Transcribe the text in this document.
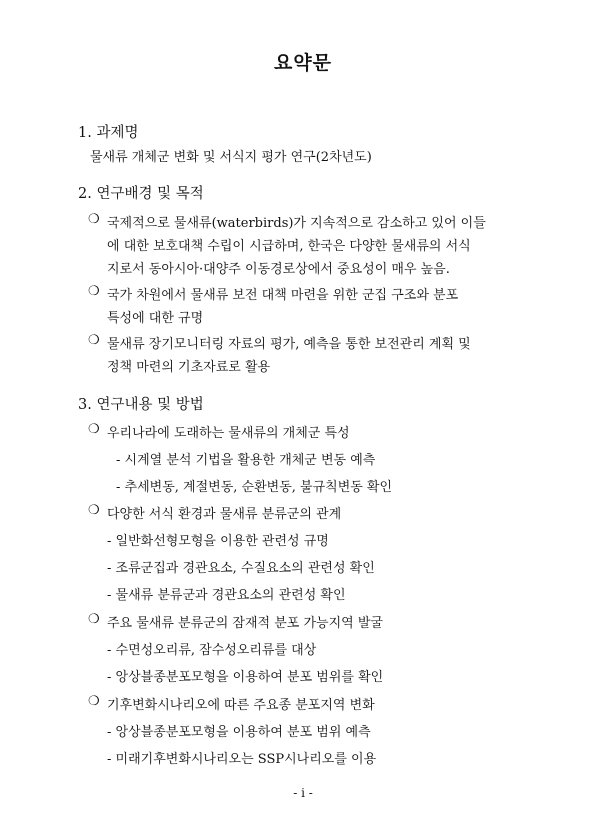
요약문
1. 과제명
물새류 개체군 변화 및 서식지 평가 연구(2차년도)
2. 연구배경 및 목적
❍ 국제적으로 물새류(waterbirds)가 지속적으로 감소하고 있어 이들
에 대한 보호대책 수립이 시급하며, 한국은 다양한 물새류의 서식
지로서 동아시아·대양주 이동경로상에서 중요성이 매우 높음.
❍ 국가 차원에서 물새류 보전 대책 마련을 위한 군집 구조와 분포
특성에 대한 규명
❍ 물새류 장기모니터링 자료의 평가, 예측을 통한 보전관리 계획 및
정책 마련의 기초자료로 활용
3. 연구내용 및 방법
❍ 우리나라에 도래하는 물새류의 개체군 특성
- 시계열 분석 기법을 활용한 개체군 변동 예측
- 추세변동, 계절변동, 순환변동, 불규칙변동 확인
❍ 다양한 서식 환경과 물새류 분류군의 관계
- 일반화선형모형을 이용한 관련성 규명
- 조류군집과 경관요소, 수질요소의 관련성 확인
- 물새류 분류군과 경관요소의 관련성 확인
❍ 주요 물새류 분류군의 잠재적 분포 가능지역 발굴
- 수면성오리류, 잠수성오리류를 대상
- 앙상블종분포모형을 이용하여 분포 범위를 확인
❍ 기후변화시나리오에 따른 주요종 분포지역 변화
- 앙상블종분포모형을 이용하여 분포 범위 예측
- 미래기후변화시나리오는 SSP시나리오를 이용
- i -
